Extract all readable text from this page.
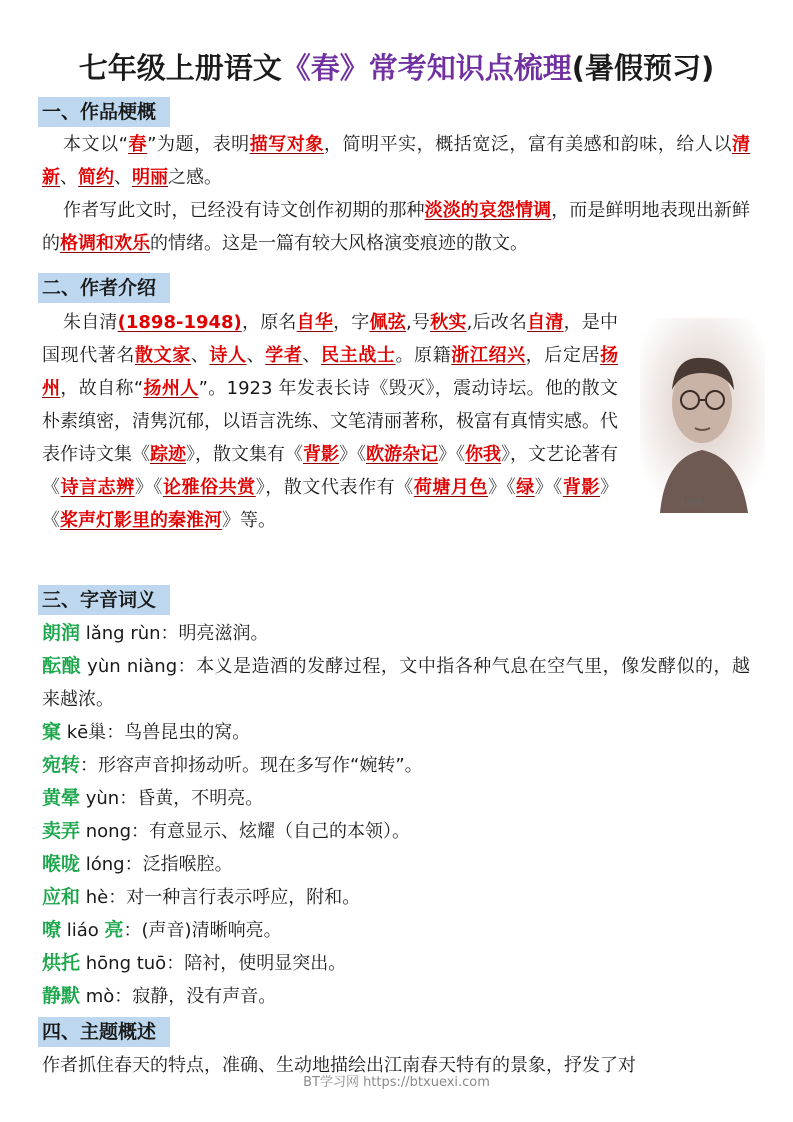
七年级上册语文《春》常考知识点梳理(暑假预习)
一、作品梗概
本文以“春”为题，表明描写对象，简明平实，概括宽泛，富有美感和韵味，给人以清新、简约、明丽之感。
作者写此文时，已经没有诗文创作初期的那种淡淡的哀怨情调，而是鲜明地表现出新鲜的格调和欢乐的情绪。这是一篇有较大风格演变痕迹的散文。
二、作者介绍
朱自清(1898-1948)，原名自华，字佩弦,号秋实,后改名自清，是中国现代著名散文家、诗人、学者、民主战士。原籍浙江绍兴，后定居扬州，故自称“扬州人”。1923 年发表长诗《毁灭》，震动诗坛。他的散文朴素缜密，清隽沉郁，以语言洗练、文笔清丽著称，极富有真情实感。代表作诗文集《踪迹》，散文集有《背影》《欧游杂记》《你我》，文艺论著有《诗言志辨》《论雅俗共赏》，散文代表作有《荷塘月色》《绿》《背影》《桨声灯影里的秦淮河》等。
朱自清
三、字音词义
朗润 lǎng rùn：明亮滋润。
酝酿 yùn niàng：本义是造酒的发酵过程，文中指各种气息在空气里，像发酵似的，越来越浓。
窠 kē巢：鸟兽昆虫的窝。
宛转：形容声音抑扬动听。现在多写作“婉转”。
黄晕 yùn：昏黄，不明亮。
卖弄 nong：有意显示、炫耀（自己的本领）。
喉咙 lóng：泛指喉腔。
应和 hè：对一种言行表示呼应，附和。
嘹 liáo 亮：(声音)清晰响亮。
烘托 hōng tuō：陪衬，使明显突出。
静默 mò：寂静，没有声音。
四、主题概述
作者抓住春天的特点，准确、生动地描绘出江南春天特有的景象，抒发了对
BT学习网 https://btxuexi.com
